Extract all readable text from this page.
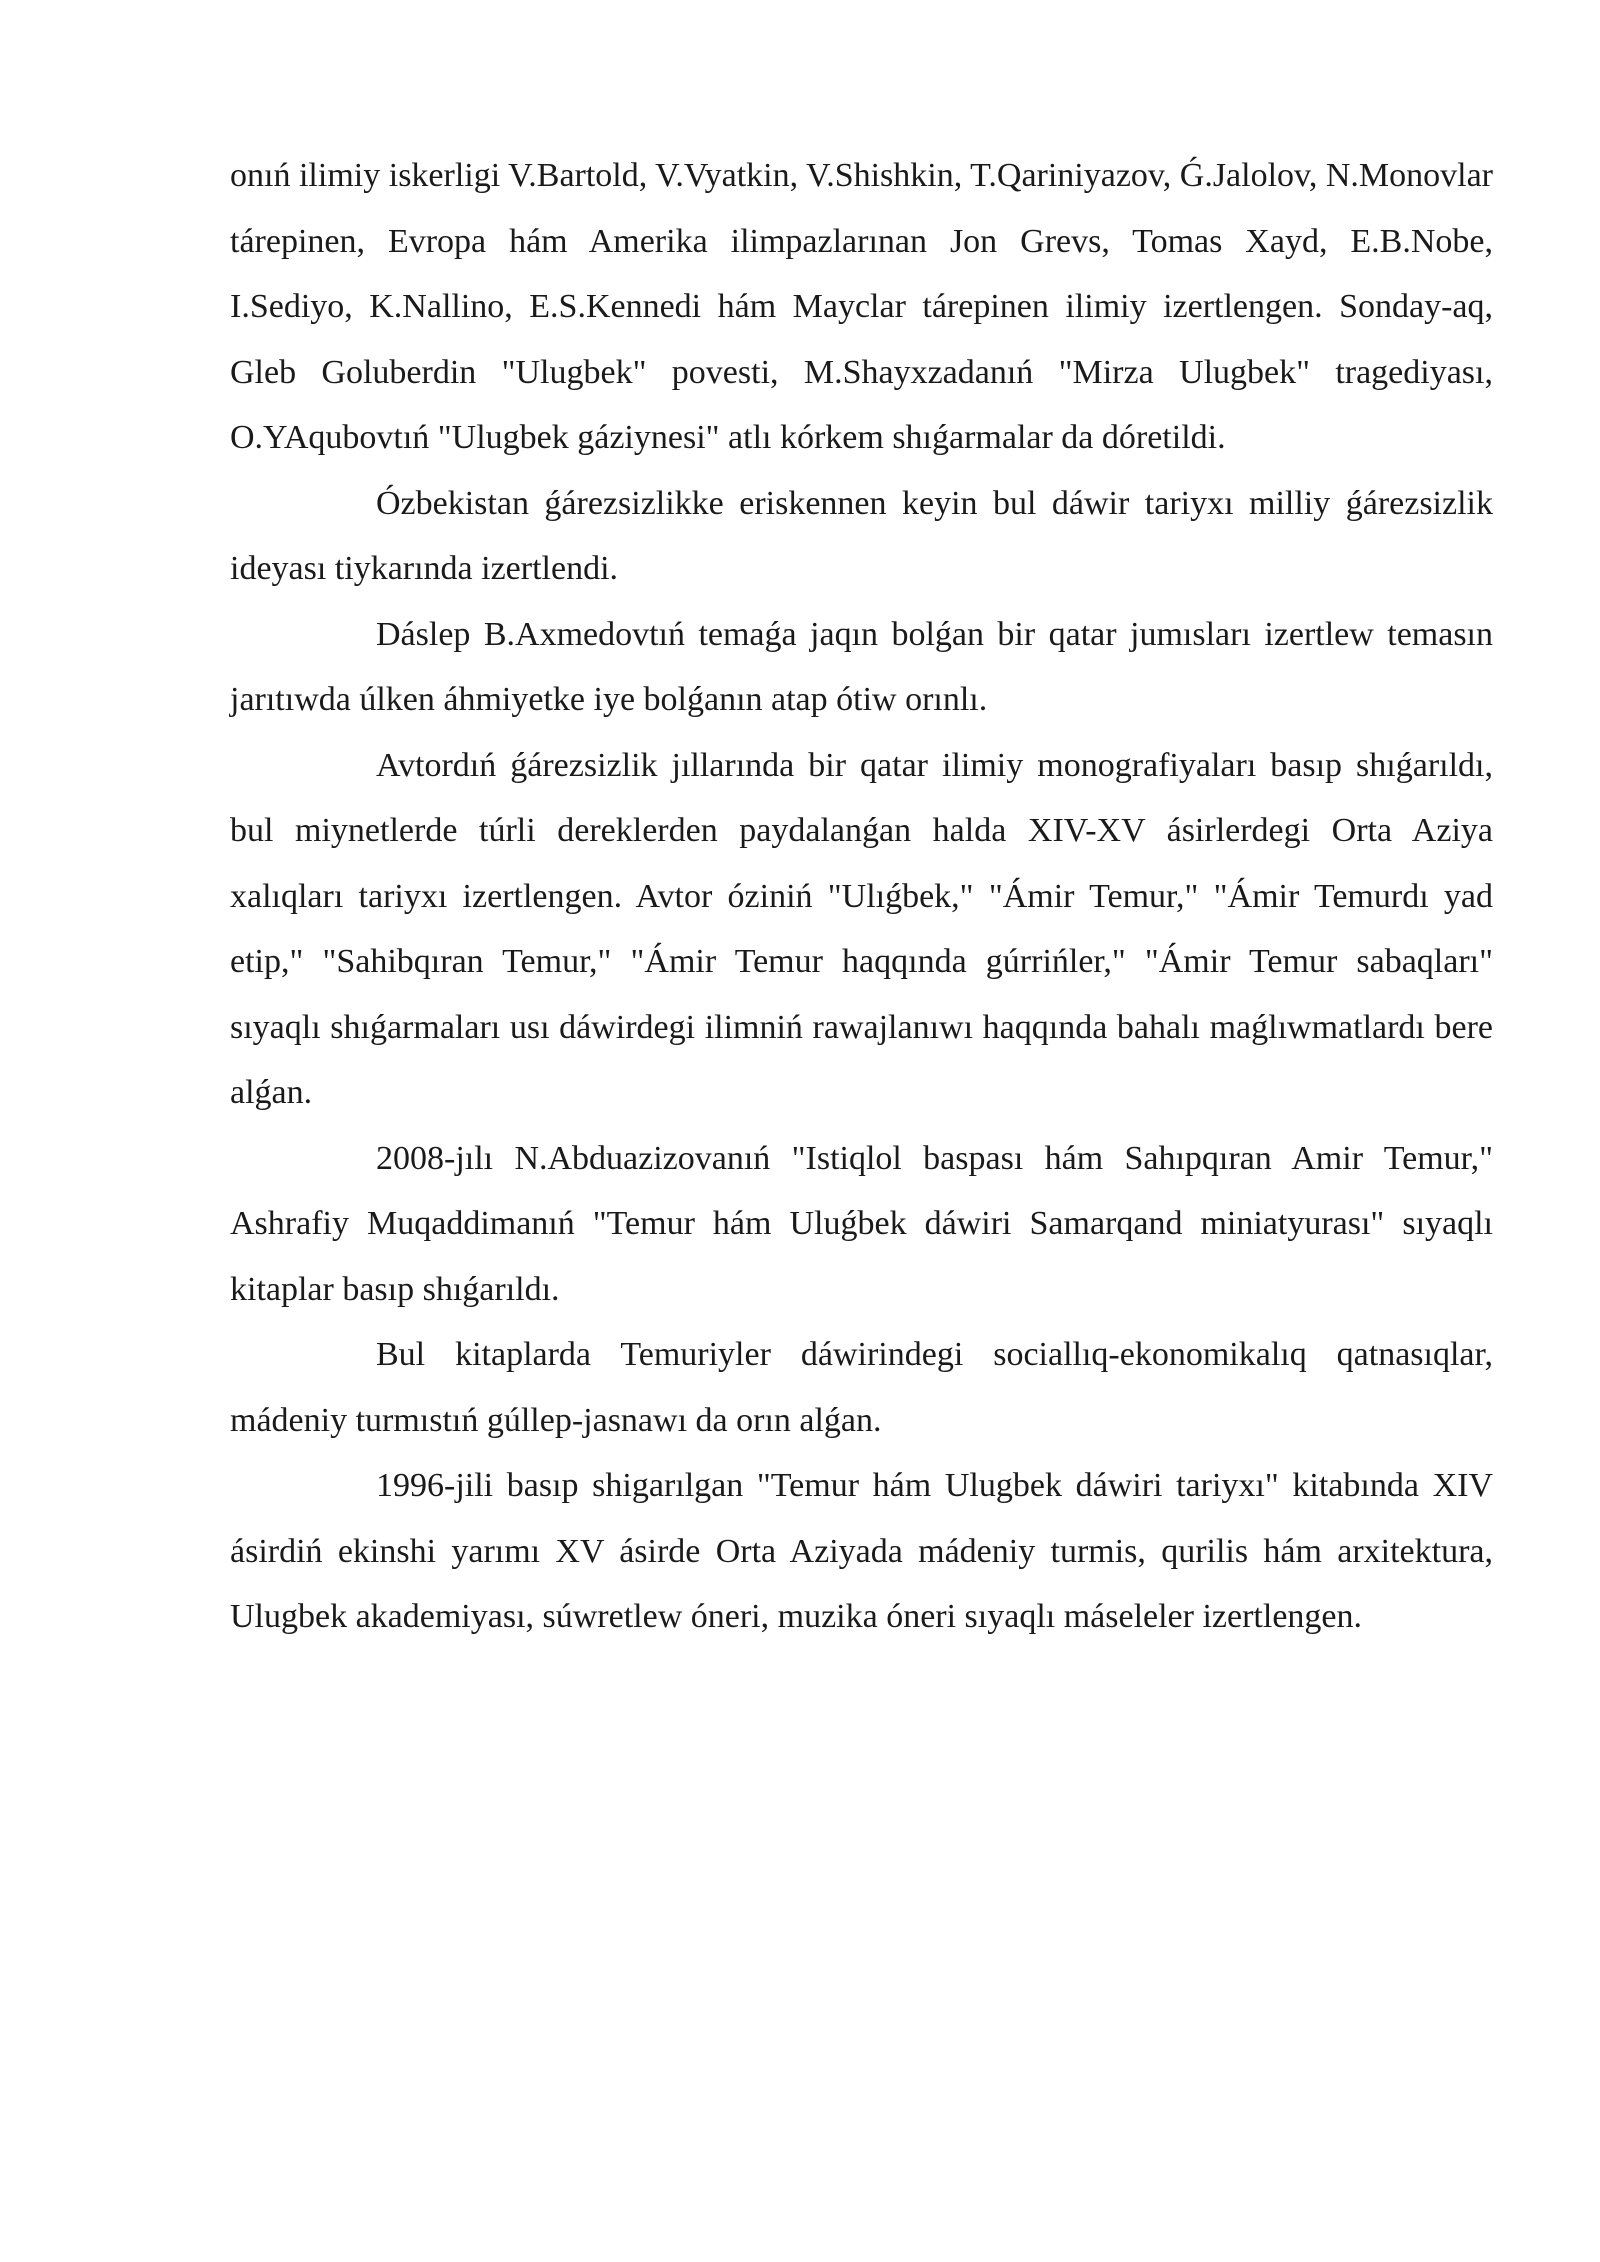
onıń ilimiy iskerligi V.Bartold, V.Vyatkin, V.Shishkin, T.Qariniyazov, Ǵ.Jalolov, N.Monovlar tárepinen, Evropa hám Amerika ilimpazlarınan Jon Grevs, Tomas Xayd, E.B.Nobe, I.Sediyo, K.Nallino, E.S.Kennedi hám Mayclar tárepinen ilimiy izertlengen. Sonday-aq, Gleb Goluberdin "Ulugbek" povesti, M.Shayxzadanıń "Mirza Ulugbek" tragediyası, O.YAqubovtıń "Ulugbek gáziynesi" atlı kórkem shıǵarmalar da dóretildi.

Ózbekistan ǵárezsizlikke eriskennen keyin bul dáwir tariyxı milliy ǵárezsizlik ideyası tiykarında izertlendi.

Dáslep B.Axmedovtıń temaǵa jaqın bolǵan bir qatar jumısları izertlew temasın jarıtıwda úlken áhmiyetke iye bolǵanın atap ótiw orınlı.

Avtordıń ǵárezsizlik jıllarında bir qatar ilimiy monografiyaları basıp shıǵarıldı, bul miynetlerde túrli dereklerden paydalanǵan halda XIV-XV ásirlerdegi Orta Aziya xalıqları tariyxı izertlengen. Avtor óziniń "Ulıǵbek," "Ámir Temur," "Ámir Temurdı yad etip," "Sahibqıran Temur," "Ámir Temur haqqında gúrrińler," "Ámir Temur sabaqları" sıyaqlı shıǵarmaları usı dáwirdegi ilimniń rawajlanıwı haqqında bahalı maǵlıwmatlardı bere alǵan.

2008-jılı N.Abduazizovanıń "Istiqlol baspası hám Sahıpqıran Amir Temur," Ashrafiy Muqaddimanıń "Temur hám Uluǵbek dáwiri Samarqand miniatyurası" sıyaqlı kitaplar basıp shıǵarıldı.

Bul kitaplarda Temuriyler dáwirindegi sociallıq-ekonomikalıq qatnasıqlar, mádeniy turmıstıń gúllep-jasnawı da orın alǵan.

1996-jili basıp shigarılgan "Temur hám Ulugbek dáwiri tariyxı" kitabında XIV ásirdiń ekinshi yarımı XV ásirde Orta Aziyada mádeniy turmis, qurilis hám arxitektura, Ulugbek akademiyası, súwretlew óneri, muzika óneri sıyaqlı máseleler izertlengen.
